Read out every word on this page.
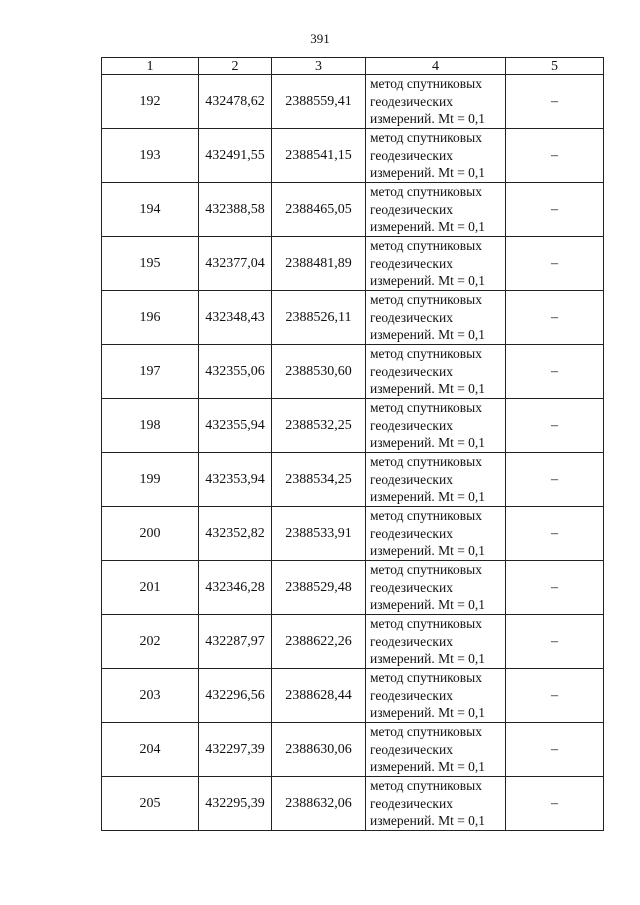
391
1	2	3	4	5
192	432478,62	2388559,41	метод спутниковых
геодезических
измерений. Mt = 0,1	–
193	432491,55	2388541,15	метод спутниковых
геодезических
измерений. Mt = 0,1	–
194	432388,58	2388465,05	метод спутниковых
геодезических
измерений. Mt = 0,1	–
195	432377,04	2388481,89	метод спутниковых
геодезических
измерений. Mt = 0,1	–
196	432348,43	2388526,11	метод спутниковых
геодезических
измерений. Mt = 0,1	–
197	432355,06	2388530,60	метод спутниковых
геодезических
измерений. Mt = 0,1	–
198	432355,94	2388532,25	метод спутниковых
геодезических
измерений. Mt = 0,1	–
199	432353,94	2388534,25	метод спутниковых
геодезических
измерений. Mt = 0,1	–
200	432352,82	2388533,91	метод спутниковых
геодезических
измерений. Mt = 0,1	–
201	432346,28	2388529,48	метод спутниковых
геодезических
измерений. Mt = 0,1	–
202	432287,97	2388622,26	метод спутниковых
геодезических
измерений. Mt = 0,1	–
203	432296,56	2388628,44	метод спутниковых
геодезических
измерений. Mt = 0,1	–
204	432297,39	2388630,06	метод спутниковых
геодезических
измерений. Mt = 0,1	–
205	432295,39	2388632,06	метод спутниковых
геодезических
измерений. Mt = 0,1	–
